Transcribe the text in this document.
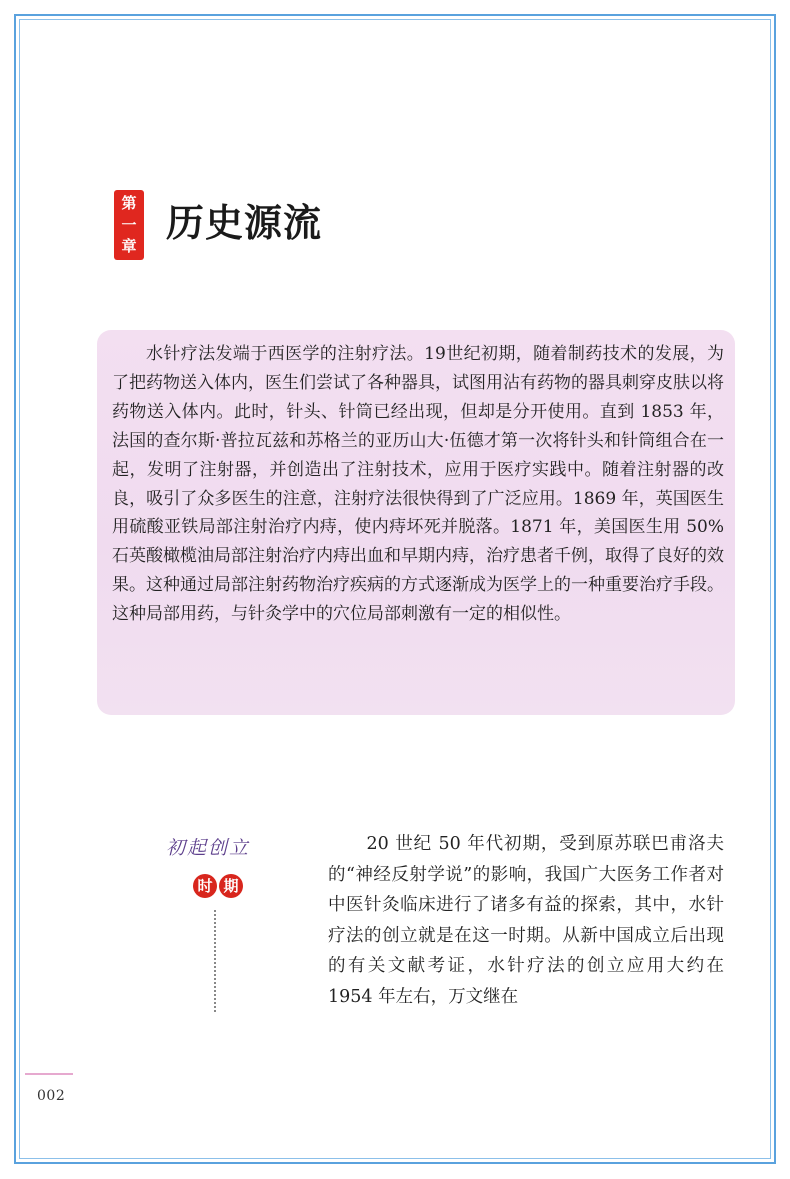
第
一
章
历史源流

水针疗法发端于西医学的注射疗法。19世纪初期，随着制药技术的发展，为了把药物送入体内，医生们尝试了各种器具，试图用沾有药物的器具刺穿皮肤以将药物送入体内。此时，针头、针筒已经出现，但却是分开使用。直到 1853 年，法国的查尔斯·普拉瓦兹和苏格兰的亚历山大·伍德才第一次将针头和针筒组合在一起，发明了注射器，并创造出了注射技术，应用于医疗实践中。随着注射器的改良，吸引了众多医生的注意，注射疗法很快得到了广泛应用。1869 年，英国医生用硫酸亚铁局部注射治疗内痔，使内痔坏死并脱落。1871 年，美国医生用 50% 石英酸橄榄油局部注射治疗内痔出血和早期内痔，治疗患者千例，取得了良好的效果。这种通过局部注射药物治疗疾病的方式逐渐成为医学上的一种重要治疗手段。这种局部用药，与针灸学中的穴位局部刺激有一定的相似性。

初起创立
时 期

20 世纪 50 年代初期，受到原苏联巴甫洛夫的“神经反射学说”的影响，我国广大医务工作者对中医针灸临床进行了诸多有益的探索，其中，水针疗法的创立就是在这一时期。从新中国成立后出现的有关文献考证，水针疗法的创立应用大约在 1954 年左右，万文继在

002
